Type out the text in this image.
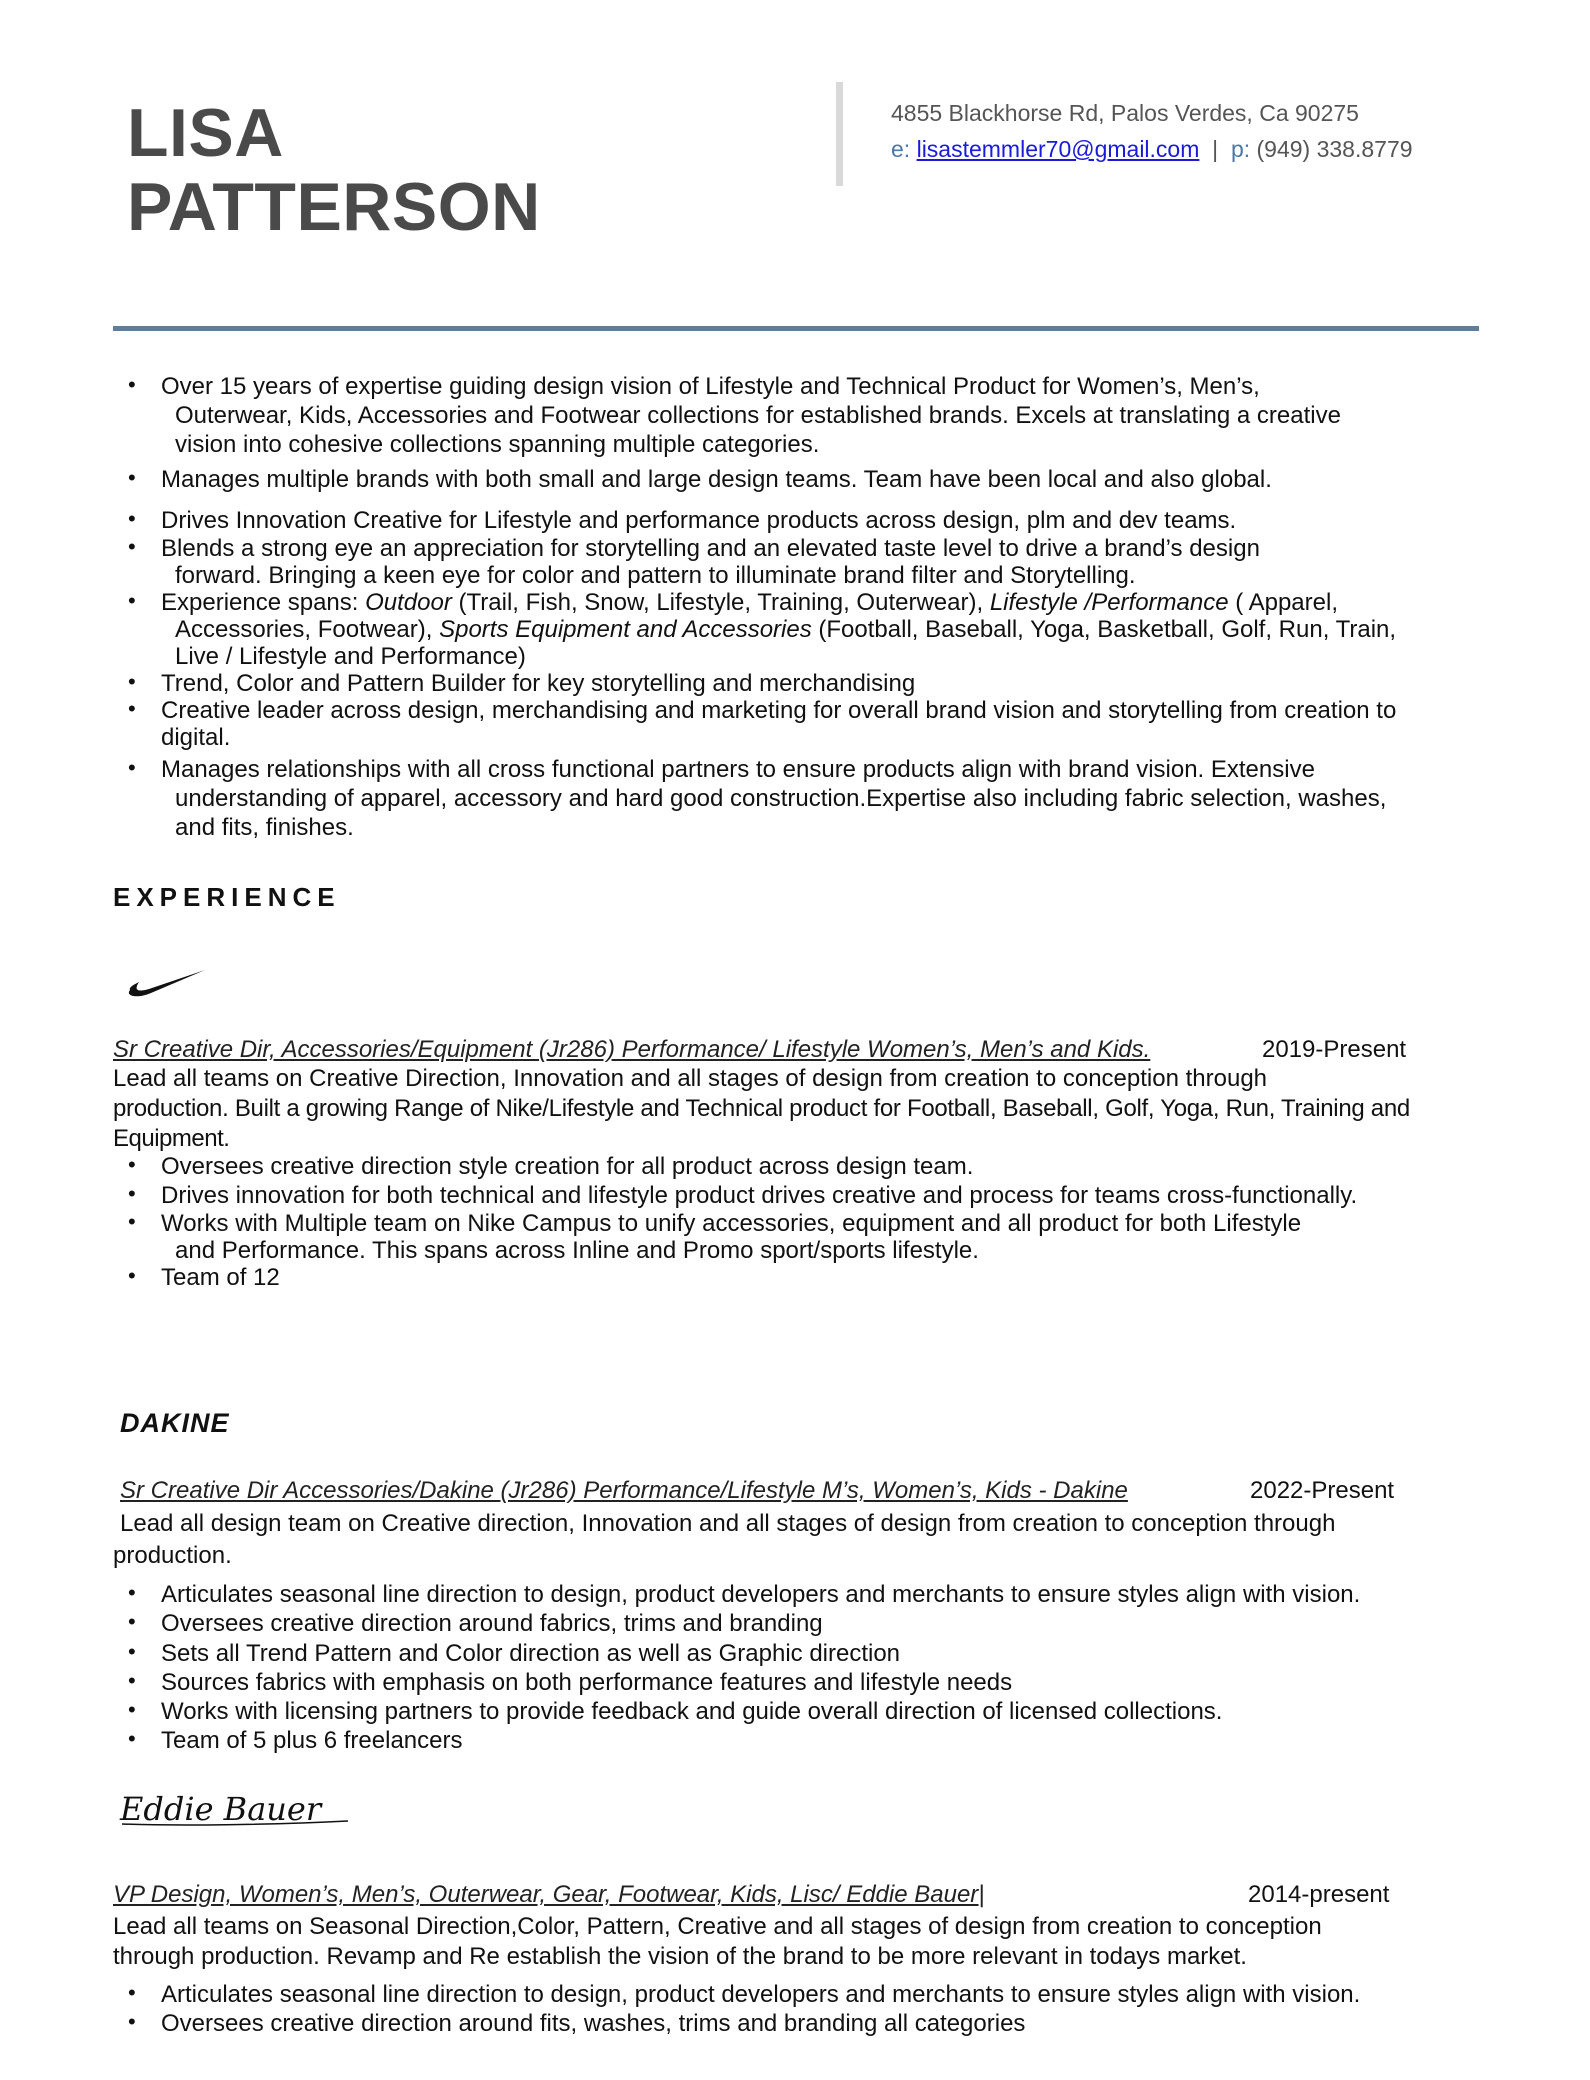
LISA
PATTERSON
4855 Blackhorse Rd, Palos Verdes, Ca 90275
e: lisastemmler70@gmail.com | p: (949) 338.8779
• Over 15 years of expertise guiding design vision of Lifestyle and Technical Product for Women’s, Men’s,
Outerwear, Kids, Accessories and Footwear collections for established brands. Excels at translating a creative
vision into cohesive collections spanning multiple categories.
• Manages multiple brands with both small and large design teams. Team have been local and also global.
• Drives Innovation Creative for Lifestyle and performance products across design, plm and dev teams.
• Blends a strong eye an appreciation for storytelling and an elevated taste level to drive a brand’s design
forward. Bringing a keen eye for color and pattern to illuminate brand filter and Storytelling.
• Experience spans: Outdoor (Trail, Fish, Snow, Lifestyle, Training, Outerwear), Lifestyle /Performance ( Apparel,
Accessories, Footwear), Sports Equipment and Accessories (Football, Baseball, Yoga, Basketball, Golf, Run, Train,
Live / Lifestyle and Performance)
• Trend, Color and Pattern Builder for key storytelling and merchandising
• Creative leader across design, merchandising and marketing for overall brand vision and storytelling from creation to
digital.
• Manages relationships with all cross functional partners to ensure products align with brand vision. Extensive
understanding of apparel, accessory and hard good construction.Expertise also including fabric selection, washes,
and fits, finishes.
EXPERIENCE
Sr Creative Dir, Accessories/Equipment (Jr286) Performance/ Lifestyle Women’s, Men’s and Kids.	2019-Present
Lead all teams on Creative Direction, Innovation and all stages of design from creation to conception through
production. Built a growing Range of Nike/Lifestyle and Technical product for Football, Baseball, Golf, Yoga, Run, Training and
Equipment.
• Oversees creative direction style creation for all product across design team.
• Drives innovation for both technical and lifestyle product drives creative and process for teams cross-functionally.
• Works with Multiple team on Nike Campus to unify accessories, equipment and all product for both Lifestyle
and Performance. This spans across Inline and Promo sport/sports lifestyle.
• Team of 12
DAKINE
Sr Creative Dir Accessories/Dakine (Jr286) Performance/Lifestyle M’s, Women’s, Kids - Dakine	2022-Present
Lead all design team on Creative direction, Innovation and all stages of design from creation to conception through
production.
• Articulates seasonal line direction to design, product developers and merchants to ensure styles align with vision.
• Oversees creative direction around fabrics, trims and branding
• Sets all Trend Pattern and Color direction as well as Graphic direction
• Sources fabrics with emphasis on both performance features and lifestyle needs
• Works with licensing partners to provide feedback and guide overall direction of licensed collections.
• Team of 5 plus 6 freelancers
Eddie Bauer
VP Design, Women’s, Men’s, Outerwear, Gear, Footwear, Kids, Lisc/ Eddie Bauer|	2014-present
Lead all teams on Seasonal Direction,Color, Pattern, Creative and all stages of design from creation to conception
through production. Revamp and Re establish the vision of the brand to be more relevant in todays market.
• Articulates seasonal line direction to design, product developers and merchants to ensure styles align with vision.
• Oversees creative direction around fits, washes, trims and branding all categories
